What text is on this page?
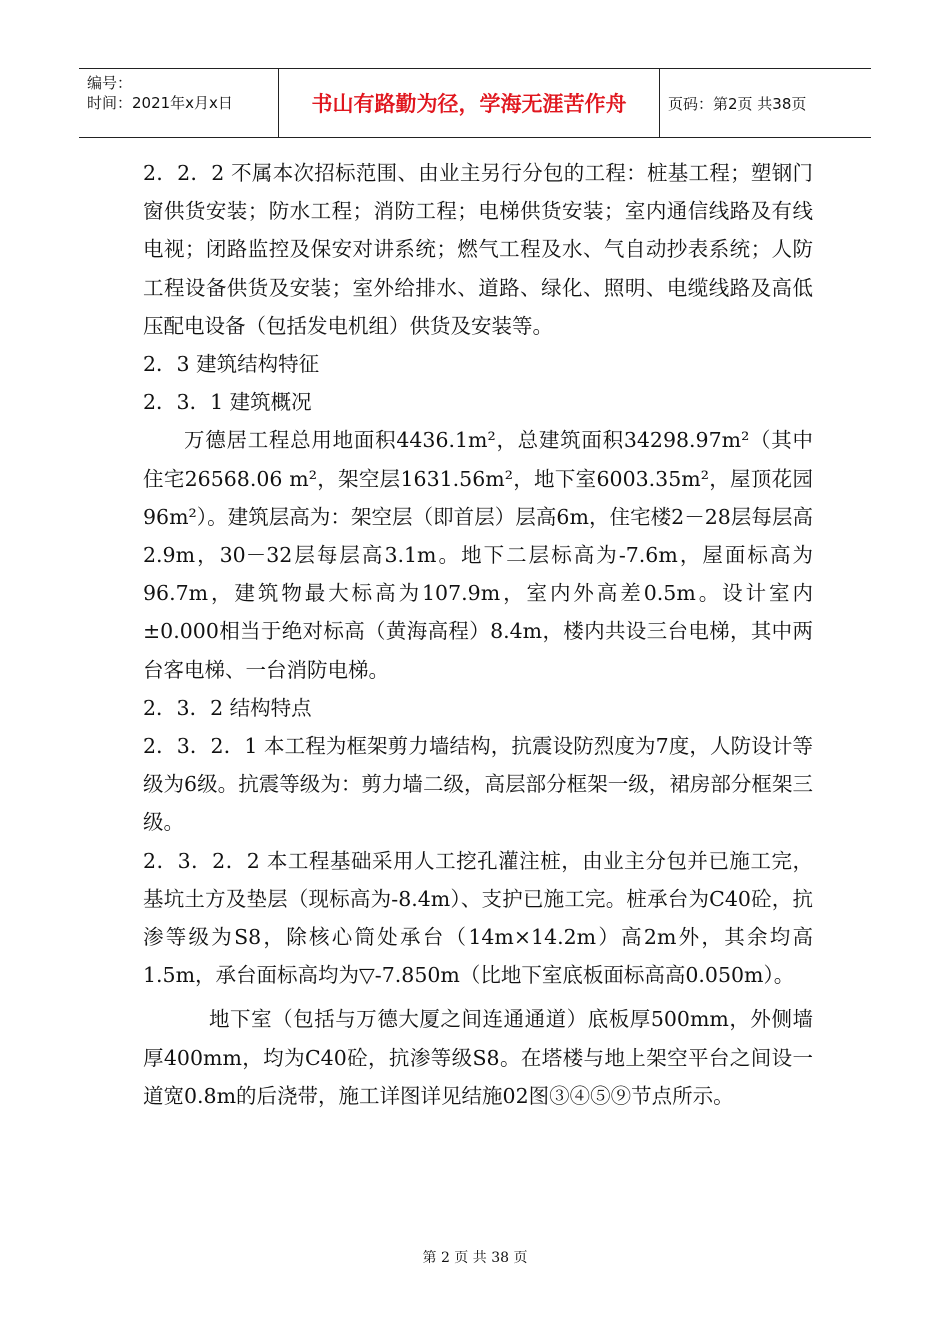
编号：
时间：2021年x月x日	书山有路勤为径，学海无涯苦作舟	页码：第2页 共38页

2．2．2 不属本次招标范围、由业主另行分包的工程：桩基工程；塑钢门窗供货安装；防水工程；消防工程；电梯供货安装；室内通信线路及有线电视；闭路监控及保安对讲系统；燃气工程及水、气自动抄表系统；人防工程设备供货及安装；室外给排水、道路、绿化、照明、电缆线路及高低压配电设备（包括发电机组）供货及安装等。

2．3 建筑结构特征

2．3．1 建筑概况

万德居工程总用地面积4436.1m²，总建筑面积34298.97m²（其中住宅26568.06 m²，架空层1631.56m²，地下室6003.35m²，屋顶花园96m²）。建筑层高为：架空层（即首层）层高6m，住宅楼2－28层每层高2.9m，30－32层每层高3.1m。地下二层标高为-7.6m，屋面标高为96.7m，建筑物最大标高为107.9m，室内外高差0.5m。设计室内±0.000相当于绝对标高（黄海高程）8.4m，楼内共设三台电梯，其中两台客电梯、一台消防电梯。

2．3．2 结构特点

2．3．2．1 本工程为框架剪力墙结构，抗震设防烈度为7度，人防设计等级为6级。抗震等级为：剪力墙二级，高层部分框架一级，裙房部分框架三级。

2．3．2．2 本工程基础采用人工挖孔灌注桩，由业主分包并已施工完，基坑土方及垫层（现标高为-8.4m）、支护已施工完。桩承台为C40砼，抗渗等级为S8，除核心筒处承台（14m×14.2m）高2m外，其余均高1.5m，承台面标高均为▽-7.850m（比地下室底板面标高高0.050m）。

地下室（包括与万德大厦之间连通通道）底板厚500mm，外侧墙厚400mm，均为C40砼，抗渗等级S8。在塔楼与地上架空平台之间设一道宽0.8m的后浇带，施工详图详见结施02图③④⑤⑨节点所示。

第 2 页 共 38 页
